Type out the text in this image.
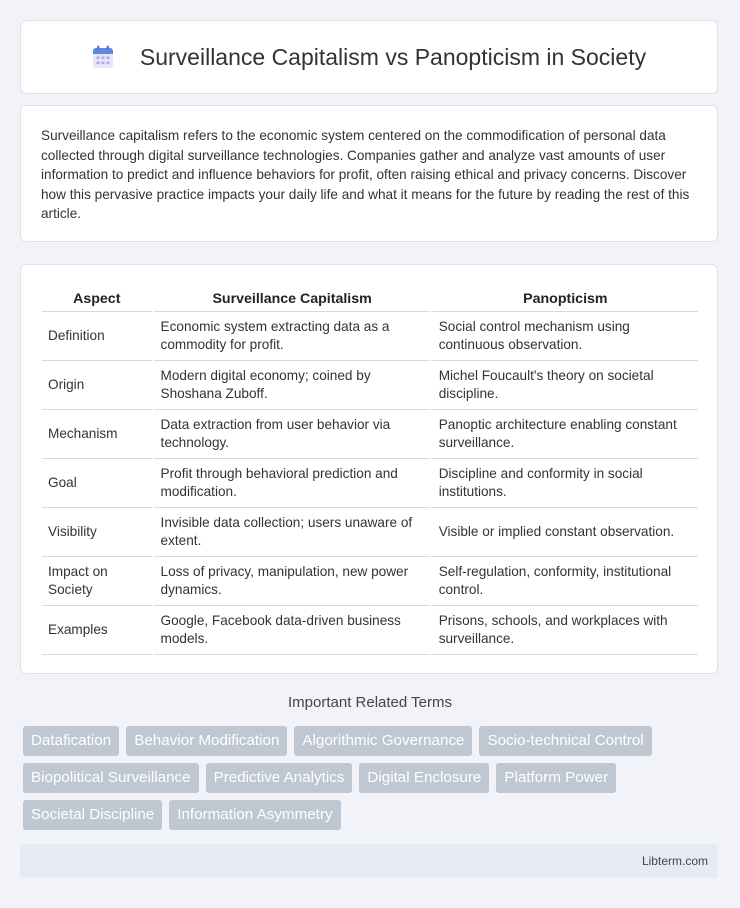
Surveillance Capitalism vs Panopticism in Society

Surveillance capitalism refers to the economic system centered on the commodification of personal data collected through digital surveillance technologies. Companies gather and analyze vast amounts of user information to predict and influence behaviors for profit, often raising ethical and privacy concerns. Discover how this pervasive practice impacts your daily life and what it means for the future by reading the rest of this article.

Aspect	Surveillance Capitalism	Panopticism
Definition	Economic system extracting data as a commodity for profit.	Social control mechanism using continuous observation.
Origin	Modern digital economy; coined by Shoshana Zuboff.	Michel Foucault's theory on societal discipline.
Mechanism	Data extraction from user behavior via technology.	Panoptic architecture enabling constant surveillance.
Goal	Profit through behavioral prediction and modification.	Discipline and conformity in social institutions.
Visibility	Invisible data collection; users unaware of extent.	Visible or implied constant observation.
Impact on Society	Loss of privacy, manipulation, new power dynamics.	Self-regulation, conformity, institutional control.
Examples	Google, Facebook data-driven business models.	Prisons, schools, and workplaces with surveillance.
Important Related Terms
Datafication	Behavior Modification	Algorithmic Governance	Socio-technical Control
Biopolitical Surveillance	Predictive Analytics	Digital Enclosure	Platform Power
Societal Discipline	Information Asymmetry
Libterm.com
